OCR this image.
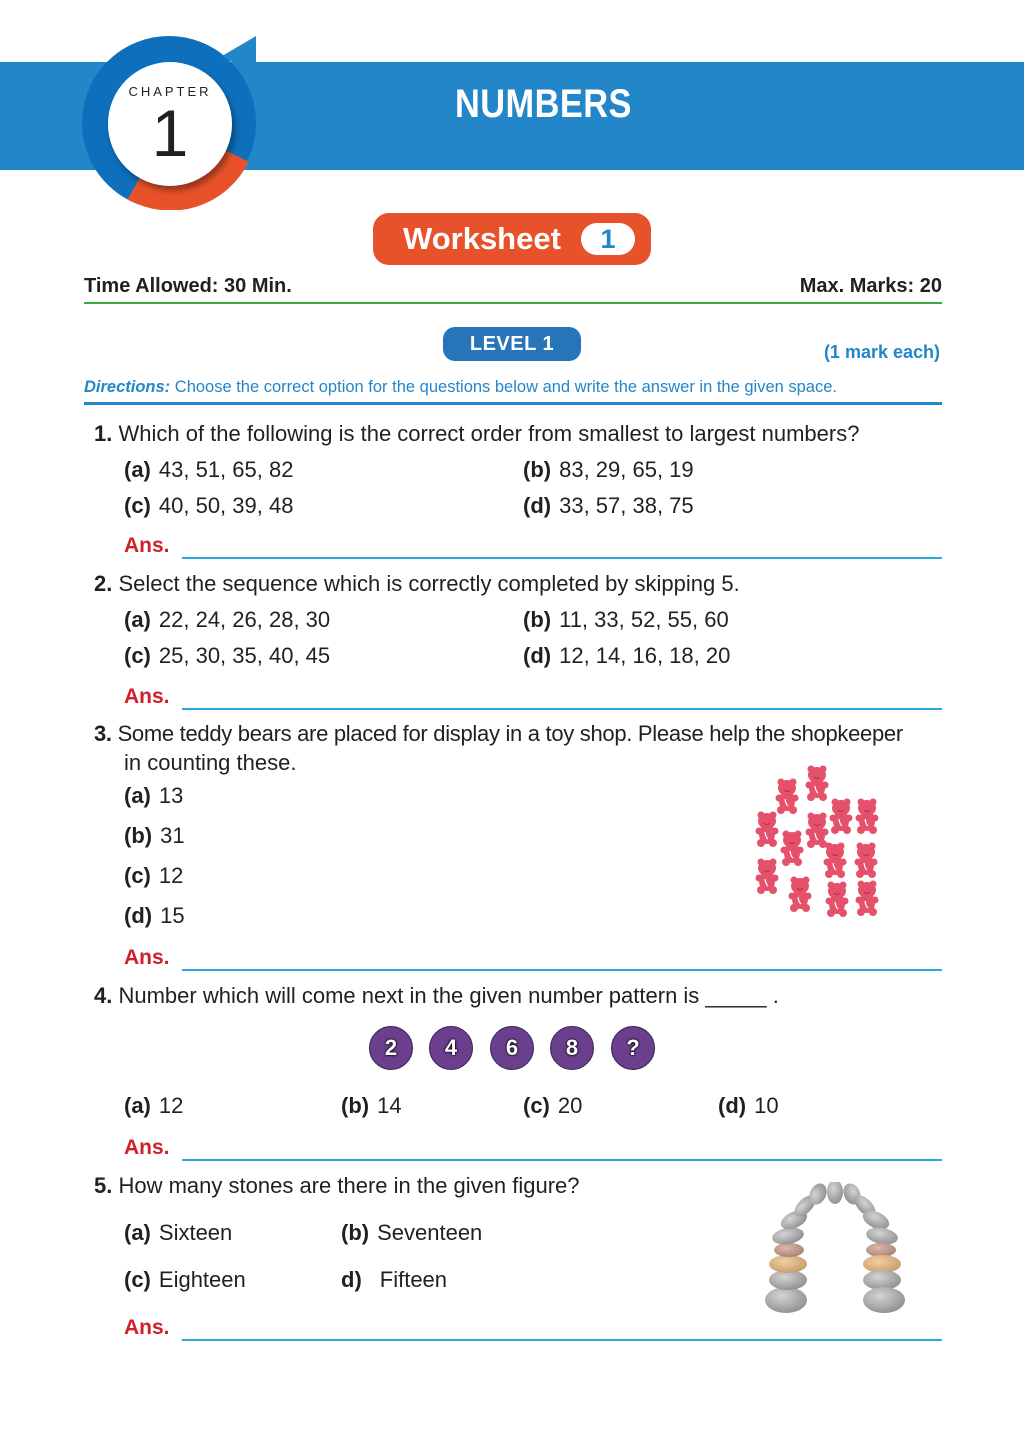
CHAPTER
1	NUMBERS
Worksheet	1
Time Allowed: 30 Min.	Max. Marks: 20
LEVEL 1	(1 mark each)
Directions: Choose the correct option for the questions below and write the answer in the given space.
1. Which of the following is the correct order from smallest to largest numbers?
(a) 43, 51, 65, 82	(b) 83, 29, 65, 19
(c) 40, 50, 39, 48	(d) 33, 57, 38, 75
Ans.
2. Select the sequence which is correctly completed by skipping 5.
(a) 22, 24, 26, 28, 30	(b) 11, 33, 52, 55, 60
(c) 25, 30, 35, 40, 45	(d) 12, 14, 16, 18, 20
Ans.
3. Some teddy bears are placed for display in a toy shop. Please help the shopkeeper
in counting these.
(a) 13
(b) 31
(c) 12
(d) 15
Ans.
4. Number which will come next in the given number pattern is _____ .
2	4	6	8	?
(a) 12	(b) 14	(c) 20	(d) 10
Ans.
5. How many stones are there in the given figure?
(a) Sixteen	(b) Seventeen
(c) Eighteen	d) Fifteen
Ans.
